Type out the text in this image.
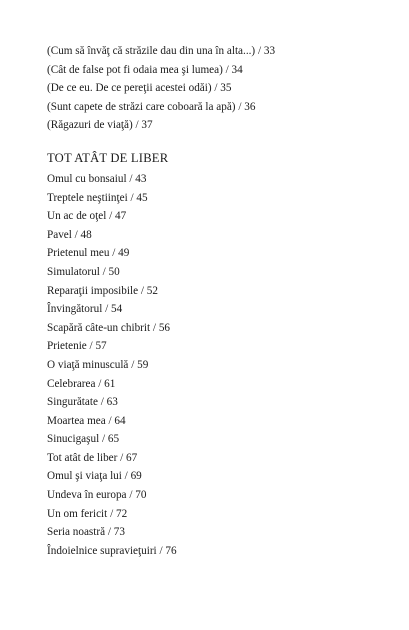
(Cum să învăţ că străzile dau din una în alta...) / 33
(Cât de false pot fi odaia mea şi lumea) / 34
(De ce eu. De ce pereţii acestei odăi) / 35
(Sunt capete de străzi care coboară la apă) / 36
(Răgazuri de viaţă) / 37
TOT ATÂT DE LIBER
Omul cu bonsaiul / 43
Treptele neştiinţei / 45
Un ac de oţel / 47
Pavel / 48
Prietenul meu / 49
Simulatorul / 50
Reparaţii imposibile / 52
Învingătorul / 54
Scapără câte-un chibrit / 56
Prietenie / 57
O viaţă minusculă / 59
Celebrarea / 61
Singurătate / 63
Moartea mea / 64
Sinucigaşul / 65
Tot atât de liber / 67
Omul şi viaţa lui / 69
Undeva în europa / 70
Un om fericit / 72
Seria noastră / 73
Îndoielnice supravieţuiri / 76
